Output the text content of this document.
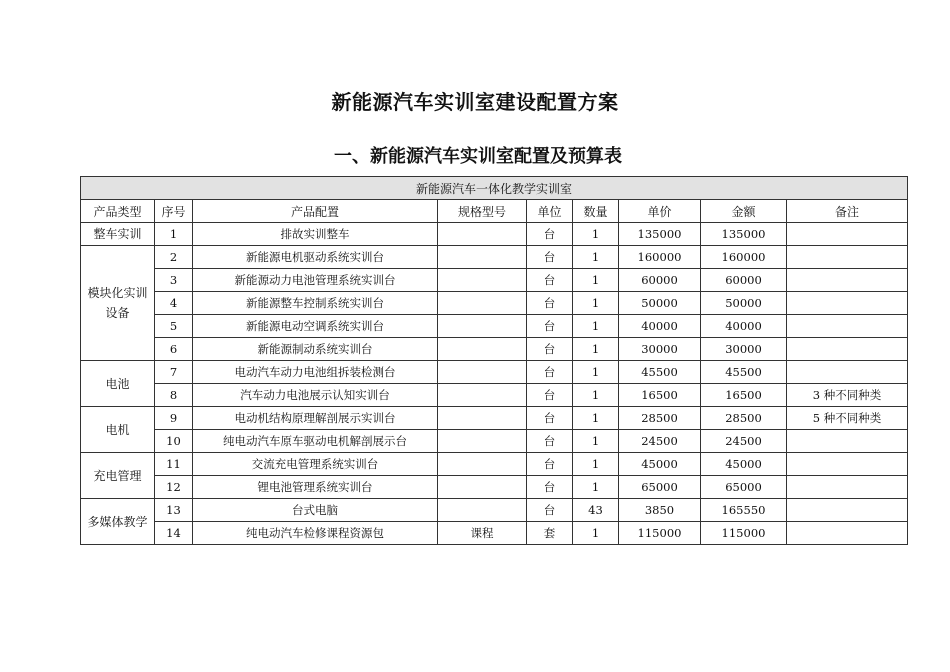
新能源汽车实训室建设配置方案
一、新能源汽车实训室配置及预算表
新能源汽车一体化教学实训室								
产品类型	序号	产品配置	规格型号	单位	数量	单价	金额	备注
整车实训	1	排故实训整车		台	1	135000	135000	
模块化实训设备	2	新能源电机驱动系统实训台		台	1	160000	160000	
	3	新能源动力电池管理系统实训台		台	1	60000	60000	
	4	新能源整车控制系统实训台		台	1	50000	50000	
	5	新能源电动空调系统实训台		台	1	40000	40000	
	6	新能源制动系统实训台		台	1	30000	30000	
电池	7	电动汽车动力电池组拆装检测台		台	1	45500	45500	
	8	汽车动力电池展示认知实训台		台	1	16500	16500	3 种不同种类
电机	9	电动机结构原理解剖展示实训台		台	1	28500	28500	5 种不同种类
	10	纯电动汽车原车驱动电机解剖展示台		台	1	24500	24500	
充电管理	11	交流充电管理系统实训台		台	1	45000	45000	
	12	锂电池管理系统实训台		台	1	65000	65000	
多媒体教学	13	台式电脑		台	43	3850	165550	
	14	纯电动汽车检修课程资源包	课程	套	1	115000	115000	
